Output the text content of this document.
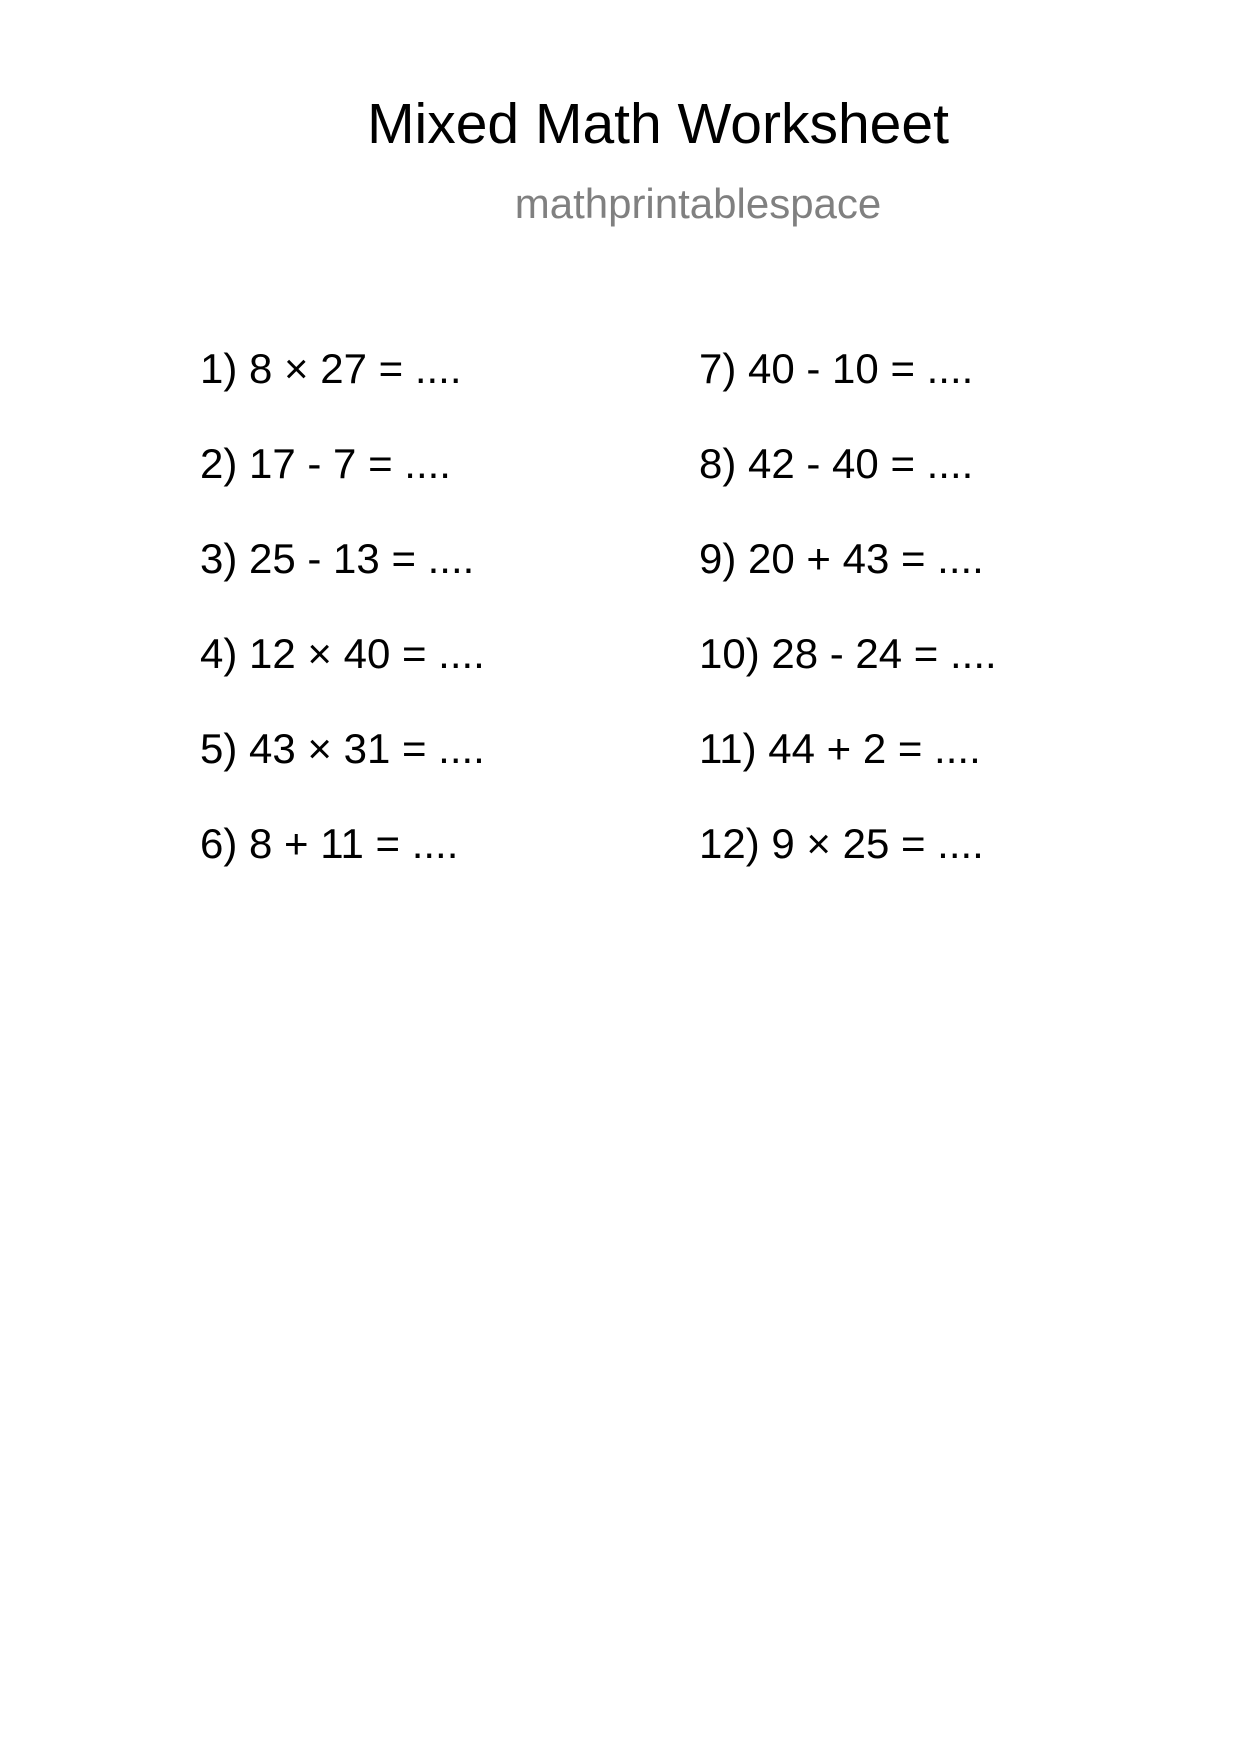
Mixed Math Worksheet
mathprintablespace
1) 8 × 27 = ....
2) 17 - 7 = ....
3) 25 - 13 = ....
4) 12 × 40 = ....
5) 43 × 31 = ....
6) 8 + 11 = ....
7) 40 - 10 = ....
8) 42 - 40 = ....
9) 20 + 43 = ....
10) 28 - 24 = ....
11) 44 + 2 = ....
12) 9 × 25 = ....
